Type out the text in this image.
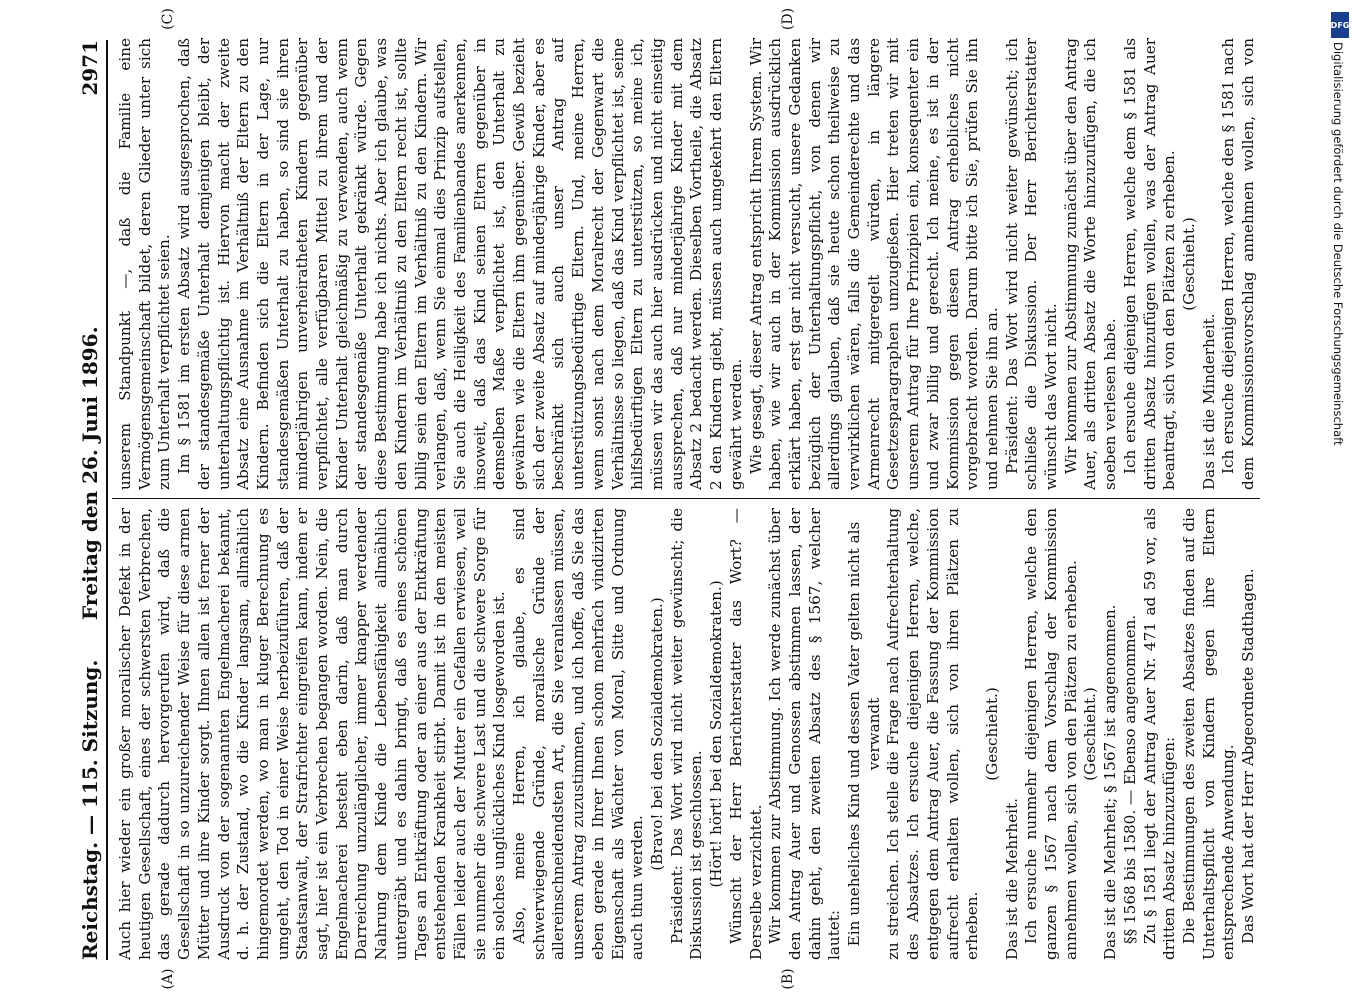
Reichstag. — 115. Sitzung.
Freitag den 26. Juni 1896.
2971
(A)	(B)
(C)	(D)

Auch hier wieder ein großer moralischer Defekt in der heutigen Gesellschaft, eines der schwersten Verbrechen, das gerade dadurch hervorgerufen wird, daß die Gesellschaft in so unzureichender Weise für diese armen Mütter und ihre Kinder sorgt. Ihnen allen ist ferner der Ausdruck von der sogenannten Engelmacherei bekannt, d. h. der Zustand, wo die Kinder langsam, allmählich hingemordet werden, wo man in kluger Berechnung es umgeht, den Tod in einer Weise herbeizuführen, daß der Staatsanwalt, der Strafrichter eingreifen kann, indem er sagt, hier ist ein Verbrechen begangen worden. Nein, die Engelmacherei besteht eben darin, daß man durch Darreichung unzulänglicher, immer knapper werdender Nahrung dem Kinde die Lebensfähigkeit allmählich untergräbt und es dahin bringt, daß es eines schönen Tages an Entkräftung oder an einer aus der Entkräftung entstehenden Krankheit stirbt. Damit ist in den meisten Fällen leider auch der Mutter ein Gefallen erwiesen, weil sie nunmehr die schwere Last und die schwere Sorge für ein solches unglückliches Kind losgeworden ist. Also, meine Herren, ich glaube, es sind schwerwiegende Gründe, moralische Gründe der allereinschneidendsten Art, die Sie veranlassen müssen, unserem Antrag zuzustimmen, und ich hoffe, daß Sie das eben gerade in Ihrer Ihnen schon mehrfach vindizirten Eigenschaft als Wächter von Moral, Sitte und Ordnung auch thun werden.

(Bravo! bei den Sozialdemokraten.) Präsident: Das Wort wird nicht weiter gewünscht; die Diskussion ist geschlossen. (Hört! hört! bei den Sozialdemokraten.) Wünscht der Herr Berichterstatter das Wort? — Derselbe verzichtet. Wir kommen zur Abstimmung. Ich werde zunächst über den Antrag Auer und Genossen abstimmen lassen, der dahin geht, den zweiten Absatz des § 1567, welcher lautet: Ein uneheliches Kind und dessen Vater gelten nicht als verwandt zu streichen. Ich stelle die Frage nach Aufrechterhaltung des Absatzes. Ich ersuche diejenigen Herren, welche, entgegen dem Antrag Auer, die Fassung der Kommission aufrecht erhalten wollen, sich von ihren Plätzen zu erheben.

(Geschieht.)

Das ist die Mehrheit. Ich ersuche nunmehr diejenigen Herren, welche den ganzen § 1567 nach dem Vorschlag der Kommission annehmen wollen, sich von den Plätzen zu erheben. (Geschieht.) Das ist die Mehrheit; § 1567 ist angenommen. §§ 1568 bis 1580. — Ebenso angenommen. Zu § 1581 liegt der Antrag Auer Nr. 471 ad 59 vor, als dritten Absatz hinzuzufügen: Die Bestimmungen des zweiten Absatzes finden auf die Unterhaltspflicht von Kindern gegen ihre Eltern entsprechende Anwendung. Das Wort hat der Herr Abgeordnete Stadthagen.

unserem Standpunkt —, daß die Familie eine Vermögensgemeinschaft bildet, deren Glieder unter sich zum Unterhalt verpflichtet seien. Im § 1581 im ersten Absatz wird ausgesprochen, daß der standesgemäße Unterhalt demjenigen bleibt, der unterhaltungspflichtig ist. Hiervon macht der zweite Absatz eine Ausnahme im Verhältniß der Eltern zu den Kindern. Befinden sich die Eltern in der Lage, nur standesgemäßen Unterhalt zu haben, so sind sie ihren minderjährigen unverheiratheten Kindern gegenüber verpflichtet, alle verfügbaren Mittel zu ihrem und der Kinder Unterhalt gleichmäßig zu verwenden, auch wenn der standesgemäße Unterhalt gekränkt würde. Gegen diese Bestimmung habe ich nichts. Aber ich glaube, was den Kindern im Verhältniß zu den Eltern recht ist, sollte billig sein den Eltern im Verhältniß zu den Kindern. Wir verlangen, daß, wenn Sie einmal dies Prinzip aufstellen, Sie auch die Heiligkeit des Familienbandes anerkennen, insoweit, daß das Kind seinen Eltern gegenüber in demselben Maße verpflichtet ist, den Unterhalt zu gewähren wie die Eltern ihm gegenüber. Gewiß bezieht sich der zweite Absatz auf minderjährige Kinder, aber es beschränkt sich auch unser Antrag auf unterstützungsbedürftige Eltern. Und, meine Herren, wenn sonst nach dem Moralrecht der Gegenwart die Verhältnisse so liegen, daß das Kind verpflichtet ist, seine hilfsbedürftigen Eltern zu unterstützen, so meine ich, müssen wir das auch hier ausdrücken und nicht einseitig aussprechen, daß nur minderjährige Kinder mit dem Absatz 2 bedacht werden. Dieselben Vortheile, die Absatz 2 den Kindern giebt, müssen auch umgekehrt den Eltern gewährt werden. Wie gesagt, dieser Antrag entspricht Ihrem System. Wir haben, wie wir auch in der Kommission ausdrücklich erklärt haben, erst gar nicht versucht, unsere Gedanken bezüglich der Unterhaltungspflicht, von denen wir allerdings glauben, daß sie heute schon theilweise zu verwirklichen wären, falls die Gemeinderechte und das Armenrecht mitgeregelt würden, in längere Gesetzesparagraphen umzugießen. Hier treten wir mit unserem Antrag für Ihre Prinzipien ein, konsequenter ein und zwar billig und gerecht. Ich meine, es ist in der Kommission gegen diesen Antrag erhebliches nicht vorgebracht worden. Darum bitte ich Sie, prüfen Sie ihn und nehmen Sie ihn an. Präsident: Das Wort wird nicht weiter gewünscht; ich schließe die Diskussion. Der Herr Berichterstatter wünscht das Wort nicht. Wir kommen zur Abstimmung zunächst über den Antrag Auer, als dritten Absatz die Worte hinzuzufügen, die ich soeben verlesen habe. Ich ersuche diejenigen Herren, welche dem § 1581 als dritten Absatz hinzufügen wollen, was der Antrag Auer beantragt, sich von den Plätzen zu erheben. (Geschieht.)

Das ist die Minderheit. Ich ersuche diejenigen Herren, welche den § 1581 nach dem Kommissionsvorschlag annehmen wollen, sich von

DFG
Digitalisierung gefördert durch die Deutsche Forschungsgemeinschaft
